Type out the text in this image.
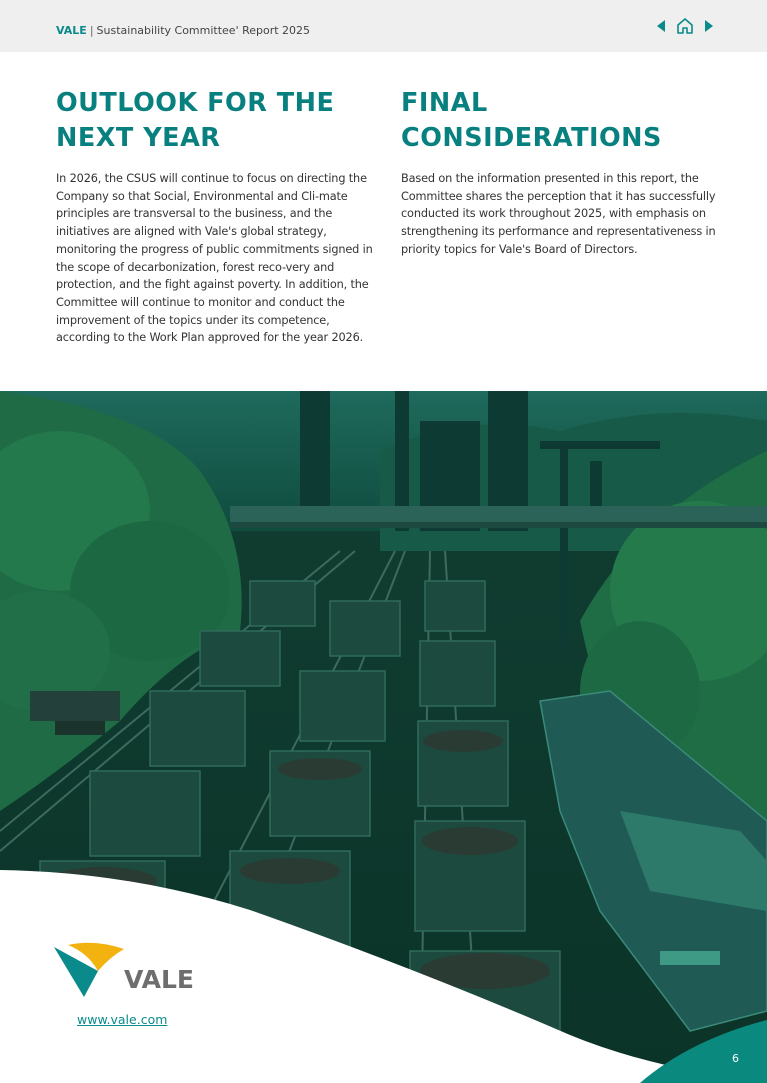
VALE | Sustainability Committee' Report 2025
OUTLOOK FOR THE
NEXT YEAR

In 2026, the CSUS will continue to focus on directing the Company so that Social, Environmental and Cli-mate principles are transversal to the business, and the initiatives are aligned with Vale's global strategy, monitoring the progress of public commitments signed in the scope of decarbonization, forest reco-very and protection, and the fight against poverty. In addition, the Committee will continue to monitor and conduct the improvement of the topics under its competence, according to the Work Plan approved for the year 2026.

FINAL
CONSIDERATIONS

Based on the information presented in this report, the Committee shares the perception that it has successfully conducted its work throughout 2025, with emphasis on strengthening its performance and representativeness in priority topics for Vale's Board of Directors.

VALE
www.vale.com
6
